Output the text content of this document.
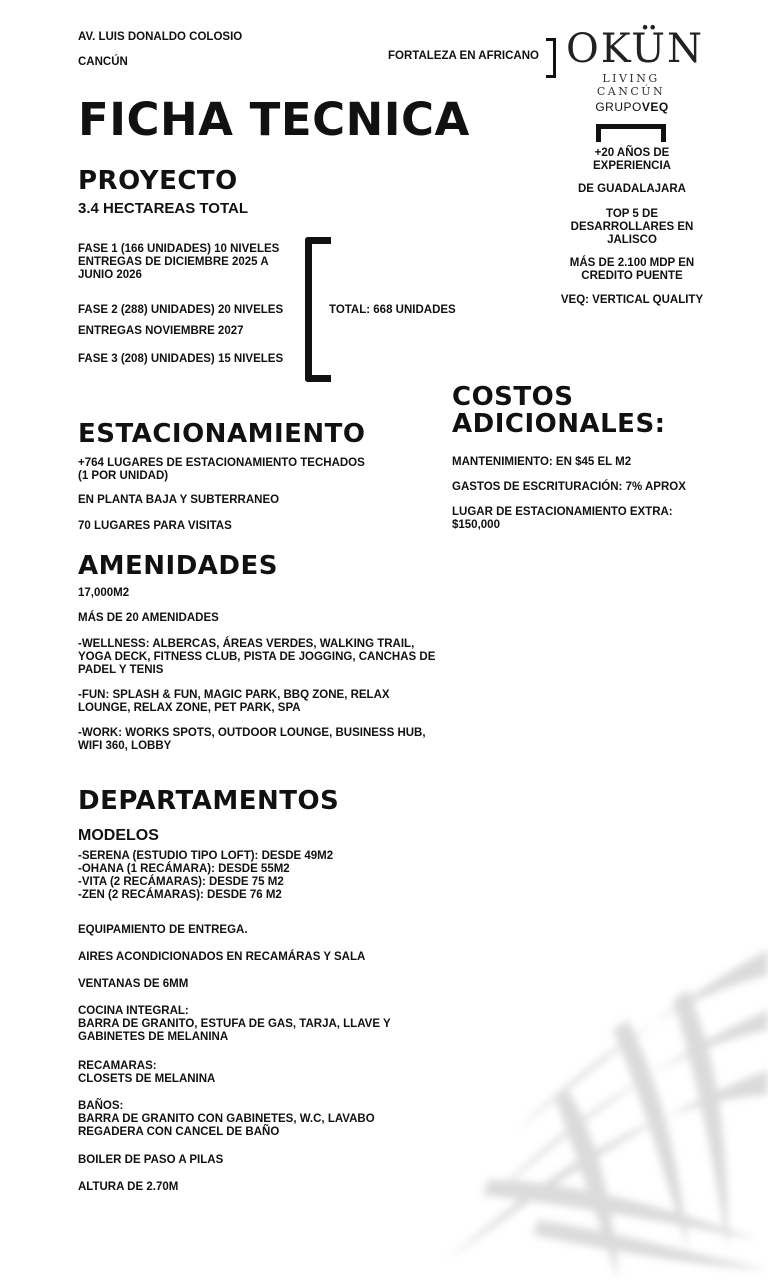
AV. LUIS DONALDO COLOSIO
CANCÚN	FORTALEZA EN AFRICANO OKÜN
LIVING CANCÚN
FICHA TECNICA	GRUPOVEQ
+20 AÑOS DE EXPERIENCIA
DE GUADALAJARA
TOP 5 DE DESARROLLARES EN JALISCO
MÁS DE 2.100 MDP EN CREDITO PUENTE
VEQ: VERTICAL QUALITY
PROYECTO
3.4 HECTAREAS TOTAL
FASE 1 (166 UNIDADES) 10 NIVELES
ENTREGAS DE DICIEMBRE 2025 A
JUNIO 2026
FASE 2 (288) UNIDADES) 20 NIVELES
ENTREGAS NOVIEMBRE 2027
FASE 3 (208) UNIDADES) 15 NIVELES
TOTAL: 668 UNIDADES
COSTOS
ADICIONALES:
MANTENIMIENTO: EN $45 EL M2
GASTOS DE ESCRITURACIÓN: 7% APROX
LUGAR DE ESTACIONAMIENTO EXTRA: $150,000
ESTACIONAMIENTO
+764 LUGARES DE ESTACIONAMIENTO TECHADOS (1 POR UNIDAD)
EN PLANTA BAJA Y SUBTERRANEO
70 LUGARES PARA VISITAS
AMENIDADES
17,000M2
MÁS DE 20 AMENIDADES
-WELLNESS: ALBERCAS, ÁREAS VERDES, WALKING TRAIL, YOGA DECK, FITNESS CLUB, PISTA DE JOGGING, CANCHAS DE PADEL Y TENIS
-FUN: SPLASH & FUN, MAGIC PARK, BBQ ZONE, RELAX LOUNGE, RELAX ZONE, PET PARK, SPA
-WORK: WORKS SPOTS, OUTDOOR LOUNGE, BUSINESS HUB, WIFI 360, LOBBY
DEPARTAMENTOS
MODELOS
-SERENA (ESTUDIO TIPO LOFT): DESDE 49M2
-OHANA (1 RECÁMARA): DESDE 55M2
-VITA (2 RECÁMARAS): DESDE 75 M2
-ZEN (2 RECÁMARAS): DESDE 76 M2
EQUIPAMIENTO DE ENTREGA.
AIRES ACONDICIONADOS EN RECAMÁRAS Y SALA
VENTANAS DE 6MM
COCINA INTEGRAL:
BARRA DE GRANITO, ESTUFA DE GAS, TARJA, LLAVE Y GABINETES DE MELANINA
RECAMARAS:
CLOSETS DE MELANINA
BAÑOS:
BARRA DE GRANITO CON GABINETES, W.C, LAVABO
REGADERA CON CANCEL DE BAÑO
BOILER DE PASO A PILAS
ALTURA DE 2.70M
